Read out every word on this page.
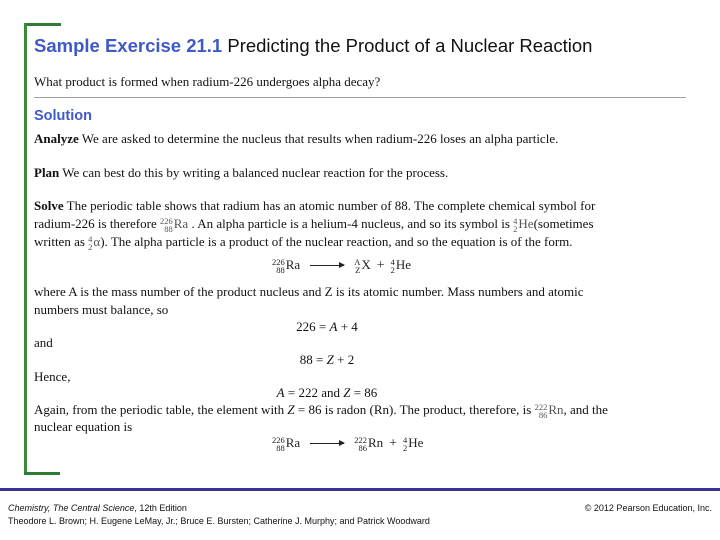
Sample Exercise 21.1 Predicting the Product of a Nuclear Reaction
What product is formed when radium-226 undergoes alpha decay?
Solution
Analyze We are asked to determine the nucleus that results when radium-226 loses an alpha particle.
Plan We can best do this by writing a balanced nuclear reaction for the process.
Solve The periodic table shows that radium has an atomic number of 88. The complete chemical symbol for
radium-226 is therefore 226
88 Ra . An alpha particle is a helium-4 nucleus, and so its symbol is 4
2 He(sometimes
written as 4
2 α). The alpha particle is a product of the nuclear reaction, and so the equation is of the form.
226
88 Ra → A
Z X + 4
2 He
where A is the mass number of the product nucleus and Z is its atomic number. Mass numbers and atomic
numbers must balance, so
226 = A + 4
and
88 = Z + 2
Hence,
A = 222 and Z = 86
Again, from the periodic table, the element with Z = 86 is radon (Rn). The product, therefore, is 222
86 Rn, and the
nuclear equation is
226
88 Ra → 222
86 Rn + 4
2 He
Chemistry, The Central Science, 12th Edition
Theodore L. Brown; H. Eugene LeMay, Jr.; Bruce E. Bursten; Catherine J. Murphy; and Patrick Woodward
© 2012 Pearson Education, Inc.
